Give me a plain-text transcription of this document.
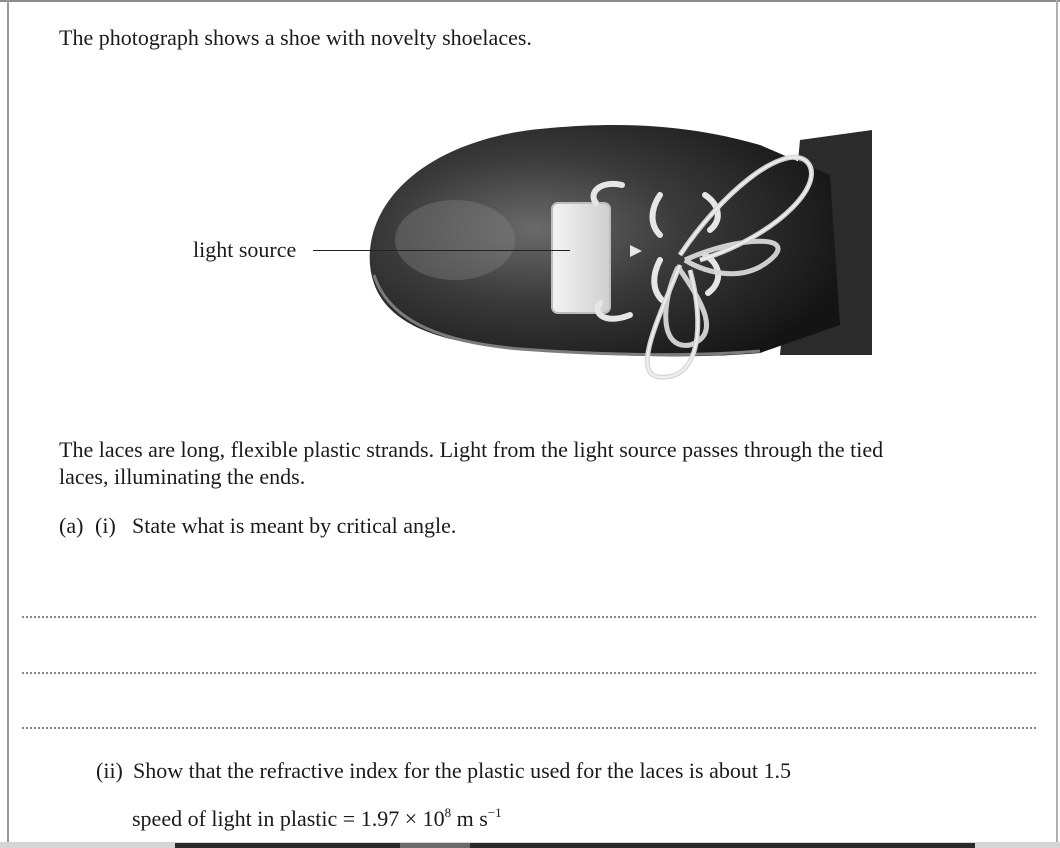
The photograph shows a shoe with novelty shoelaces.
light source
The laces are long, flexible plastic strands. Light from the light source passes through the tied laces, illuminating the ends.
(a) (i) State what is meant by critical angle.
(ii) Show that the refractive index for the plastic used for the laces is about 1.5
speed of light in plastic = $1.97 \times 10^8$ m $s^{-1}$
